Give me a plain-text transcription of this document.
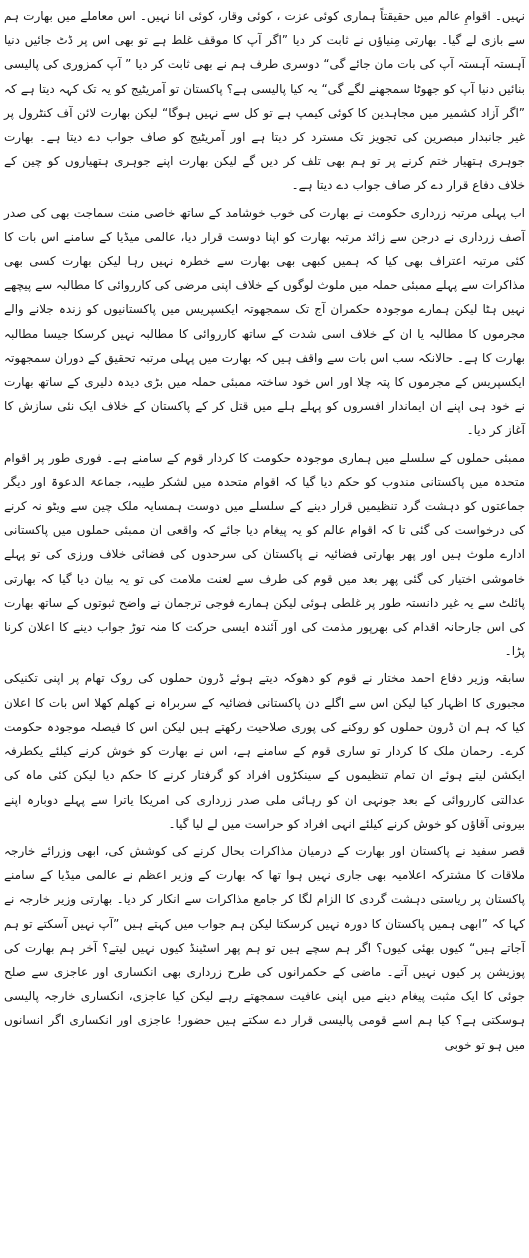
نہیں۔ اقوامِ عالم میں حقیقتاً ہماری کوئی عزت ، کوئی وقار، کوئی انا نہیں۔ اس معاملے میں بھارت ہم سے بازی لے گیا۔ بھارتی مِنیاؤں نے ثابت کر دیا ”اگر آپ کا موقف غلط ہے تو بھی اس پر ڈٹ جائیں دنیا آہستہ آہستہ آپ کی بات مان جائے گی“ دوسری طرف ہم نے بھی ثابت کر دیا ” آپ کمزوری کی پالیسی بنائیں دنیا آپ کو جھوٹا سمجھنے لگے گی“ یہ کیا پالیسی ہے؟ پاکستان تو آمریٹیج کو یہ تک کہہ دیتا ہے کہ ”اگر آزاد کشمیر میں مجاہدین کا کوئی کیمپ ہے تو کل سے نہیں ہوگا“ لیکن بھارت لائن آف کنٹرول پر غیر جانبدار مبصرین کی تجویز تک مسترد کر دیتا ہے اور آمریٹیج کو صاف جواب دے دیتا ہے۔ بھارت جوہری ہتھیار ختم کرنے پر تو ہم بھی تلف کر دیں گے لیکن بھارت اپنے جوہری ہتھیاروں کو چین کے خلاف دفاع قرار دے کر صاف جواب دے دیتا ہے۔

اب پہلی مرتبہ زرداری حکومت نے بھارت کی خوب خوشامد کے ساتھ خاصی منت سماجت بھی کی صدر آصف زرداری نے درجن سے زائد مرتبہ بھارت کو اپنا دوست قرار دیا، عالمی میڈیا کے سامنے اس بات کا کئی مرتبہ اعتراف بھی کیا کہ ہمیں کبھی بھی بھارت سے خطرہ نہیں رہا لیکن بھارت کسی بھی مذاکرات سے پہلے ممبئی حملہ میں ملوث لوگوں کے خلاف اپنی مرضی کی کارروائی کا مطالبہ سے پیچھے نہیں ہٹا لیکن ہمارے موجودہ حکمران آج تک سمجھوتہ ایکسپریس میں پاکستانیوں کو زندہ جلانے والے مجرموں کا مطالبہ یا ان کے خلاف اسی شدت کے ساتھ کارروائی کا مطالبہ نہیں کرسکا جیسا مطالبہ بھارت کا ہے۔ حالانکہ سب اس بات سے واقف ہیں کہ بھارت میں پہلی مرتبہ تحقیق کے دوران سمجھوتہ ایکسپریس کے مجرموں کا پتہ چلا اور اس خود ساختہ ممبئی حملہ میں بڑی دیدہ دلیری کے ساتھ بھارت نے خود ہی اپنے ان ایماندار افسروں کو پہلے ہلے میں قتل کر کے پاکستان کے خلاف ایک نئی سازش کا آغاز کر دیا۔

ممبئی حملوں کے سلسلے میں ہماری موجودہ حکومت کا کردار قوم کے سامنے ہے۔ فوری طور پر اقوام متحدہ میں پاکستانی مندوب کو حکم دیا گیا کہ اقوام متحدہ میں لشکر طیبہ، جماعۃ الدعوۃ اور دیگر جماعتوں کو دہشت گرد تنظیمیں قرار دینے کے سلسلے میں دوست ہمسایہ ملک چین سے ویٹو نہ کرنے کی درخواست کی گئی تا کہ اقوام عالم کو یہ پیغام دیا جائے کہ واقعی ان ممبئی حملوں میں پاکستانی ادارے ملوث ہیں اور پھر بھارتی فضائیہ نے پاکستان کی سرحدوں کی فضائی خلاف ورزی کی تو پہلے خاموشی اختیار کی گئی پھر بعد میں قوم کی طرف سے لعنت ملامت کی تو یہ بیان دیا گیا کہ بھارتی پائلٹ سے یہ غیر دانستہ طور پر غلطی ہوئی لیکن ہمارے فوجی ترجمان نے واضح ثبوتوں کے ساتھ بھارت کی اس جارحانہ اقدام کی بھرپور مذمت کی اور آئندہ ایسی حرکت کا منہ توڑ جواب دینے کا اعلان کرنا پڑا۔

سابقہ وزیر دفاع احمد مختار نے قوم کو دھوکہ دیتے ہوئے ڈرون حملوں کی روک تھام پر اپنی تکنیکی مجبوری کا اظہار کیا لیکن اس سے اگلے دن پاکستانی فضائیہ کے سربراہ نے کھلم کھلا اس بات کا اعلان کیا کہ ہم ان ڈرون حملوں کو روکنے کی پوری صلاحیت رکھتے ہیں لیکن اس کا فیصلہ موجودہ حکومت کرے۔ رحمان ملک کا کردار تو ساری قوم کے سامنے ہے، اس نے بھارت کو خوش کرنے کیلئے یکطرفہ ایکشن لیتے ہوئے ان تمام تنظیموں کے سینکڑوں افراد کو گرفتار کرنے کا حکم دیا لیکن کئی ماہ کی عدالتی کارروائی کے بعد جونہی ان کو رہائی ملی صدر زرداری کی امریکا یاترا سے پہلے دوبارہ اپنے بیرونی آقاؤں کو خوش کرنے کیلئے انہی افراد کو حراست میں لے لیا گیا۔

قصر سفید نے پاکستان اور بھارت کے درمیان مذاکرات بحال کرنے کی کوشش کی، ابھی وزرائے خارجہ ملاقات کا مشترکہ اعلامیہ بھی جاری نہیں ہوا تھا کہ بھارت کے وزیر اعظم نے عالمی میڈیا کے سامنے پاکستان پر ریاستی دہشت گردی کا الزام لگا کر جامع مذاکرات سے انکار کر دیا۔ بھارتی وزیر خارجہ نے کہا کہ ”ابھی ہمیں پاکستان کا دورہ نہیں کرسکتا لیکن ہم جواب میں کہتے ہیں ”آپ نہیں آسکتے تو ہم آجاتے ہیں“ کیوں بھئی کیوں؟ اگر ہم سچے ہیں تو ہم پھر اسٹینڈ کیوں نہیں لیتے؟ آخر ہم بھارت کی پوزیشن پر کیوں نہیں آتے۔ ماضی کے حکمرانوں کی طرح زرداری بھی انکساری اور عاجزی سے صلح جوئی کا ایک مثبت پیغام دینے میں اپنی عافیت سمجھتے رہے لیکن کیا عاجزی، انکساری خارجہ پالیسی ہوسکتی ہے؟ کیا ہم اسے قومی پالیسی قرار دے سکتے ہیں حضور! عاجزی اور انکساری اگر انسانوں میں ہو تو خوبی
